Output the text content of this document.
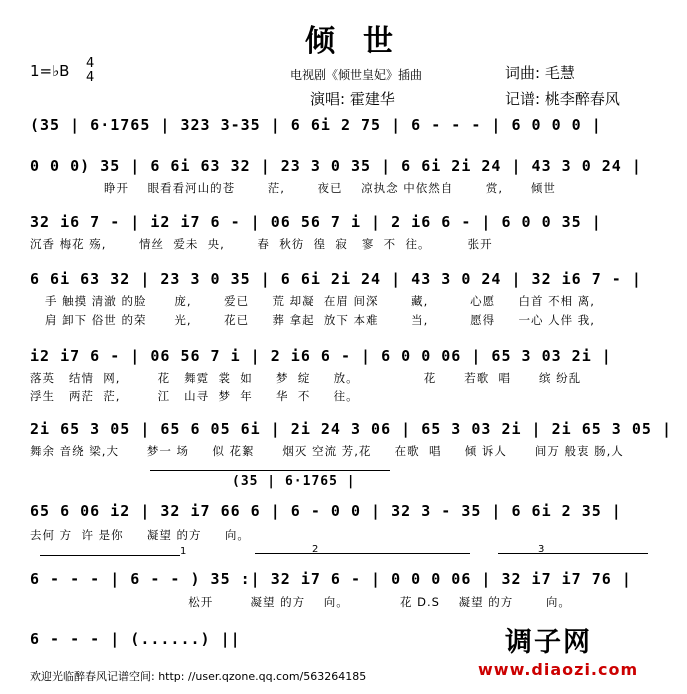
倾世
1=♭B 4
4	电视剧《倾世皇妃》插曲	词曲: 毛慧
演唱: 霍建华	记谱: 桃李醉春风
(35 | 6·1765 | 323 3-35 | 6 6i 2 75 | 6 - - - | 6 0 0 0 |
0 0 0) 35 | 6 6i 63 32 | 23 3 0 35 | 6 6i 2i 24 | 43 3 0 24 |
睁开    眼看看河山的苍       茫,       夜已    凉执念 中依然自       赏,      倾世
32 i6 7 - | i2 i7 6 - | 06 56 7 i | 2 i6 6 - | 6 0 0 35 |
沉香 梅花 殇,       情丝  爱未  央,       春  秋彷  徨  寂   寥  不  往。        张开
6 6i 63 32 | 23 3 0 35 | 6 6i 2i 24 | 43 3 0 24 | 32 i6 7 - |
手 触摸 清澈 的脸      庞,       爱已     荒 却凝  在眉 间深       藏,         心愿     白首 不相 离,
肩 卸下 俗世 的荣      光,       花已     葬 拿起  放下 本难       当,         愿得     一心 人伴 我,
i2 i7 6 - | 06 56 7 i | 2 i6 6 - | 6 0 0 06 | 65 3 03 2i |
落英   结情  网,        花   舞霓  裳  如     梦  绽     放。              花      若歌  唱      缤 纷乱
浮生   两茫  茫,        江   山寻  梦  年     华  不     往。
2i 65 3 05 | 65 6 05 6i | 2i 24 3 06 | 65 3 03 2i | 2i 65 3 05 |
舞余 音绕 梁,大      梦一 场     似 花絮      烟灭 空流 芳,花     在歌  唱     倾 诉人      间万 般衷 肠,人
(35 | 6·1765 |
65 6 06 i2 | 32 i7 66 6 | 6 - 0 0 | 32 3 - 35 | 6 6i 2 35 |
去何 方  许 是你     凝望 的方     向。
1	2	3
6 - - - | 6 - - ) 35 :| 32 i7 6 - | 0 0 0 06 | 32 i7 i7 76 |
松开        凝望 的方    向。           花 D.S    凝望 的方       向。
6 - - - | (......) ||	调子网
www.diaozi.com
欢迎光临醉春风记谱空间: http: //user.qzone.qq.com/563264185
